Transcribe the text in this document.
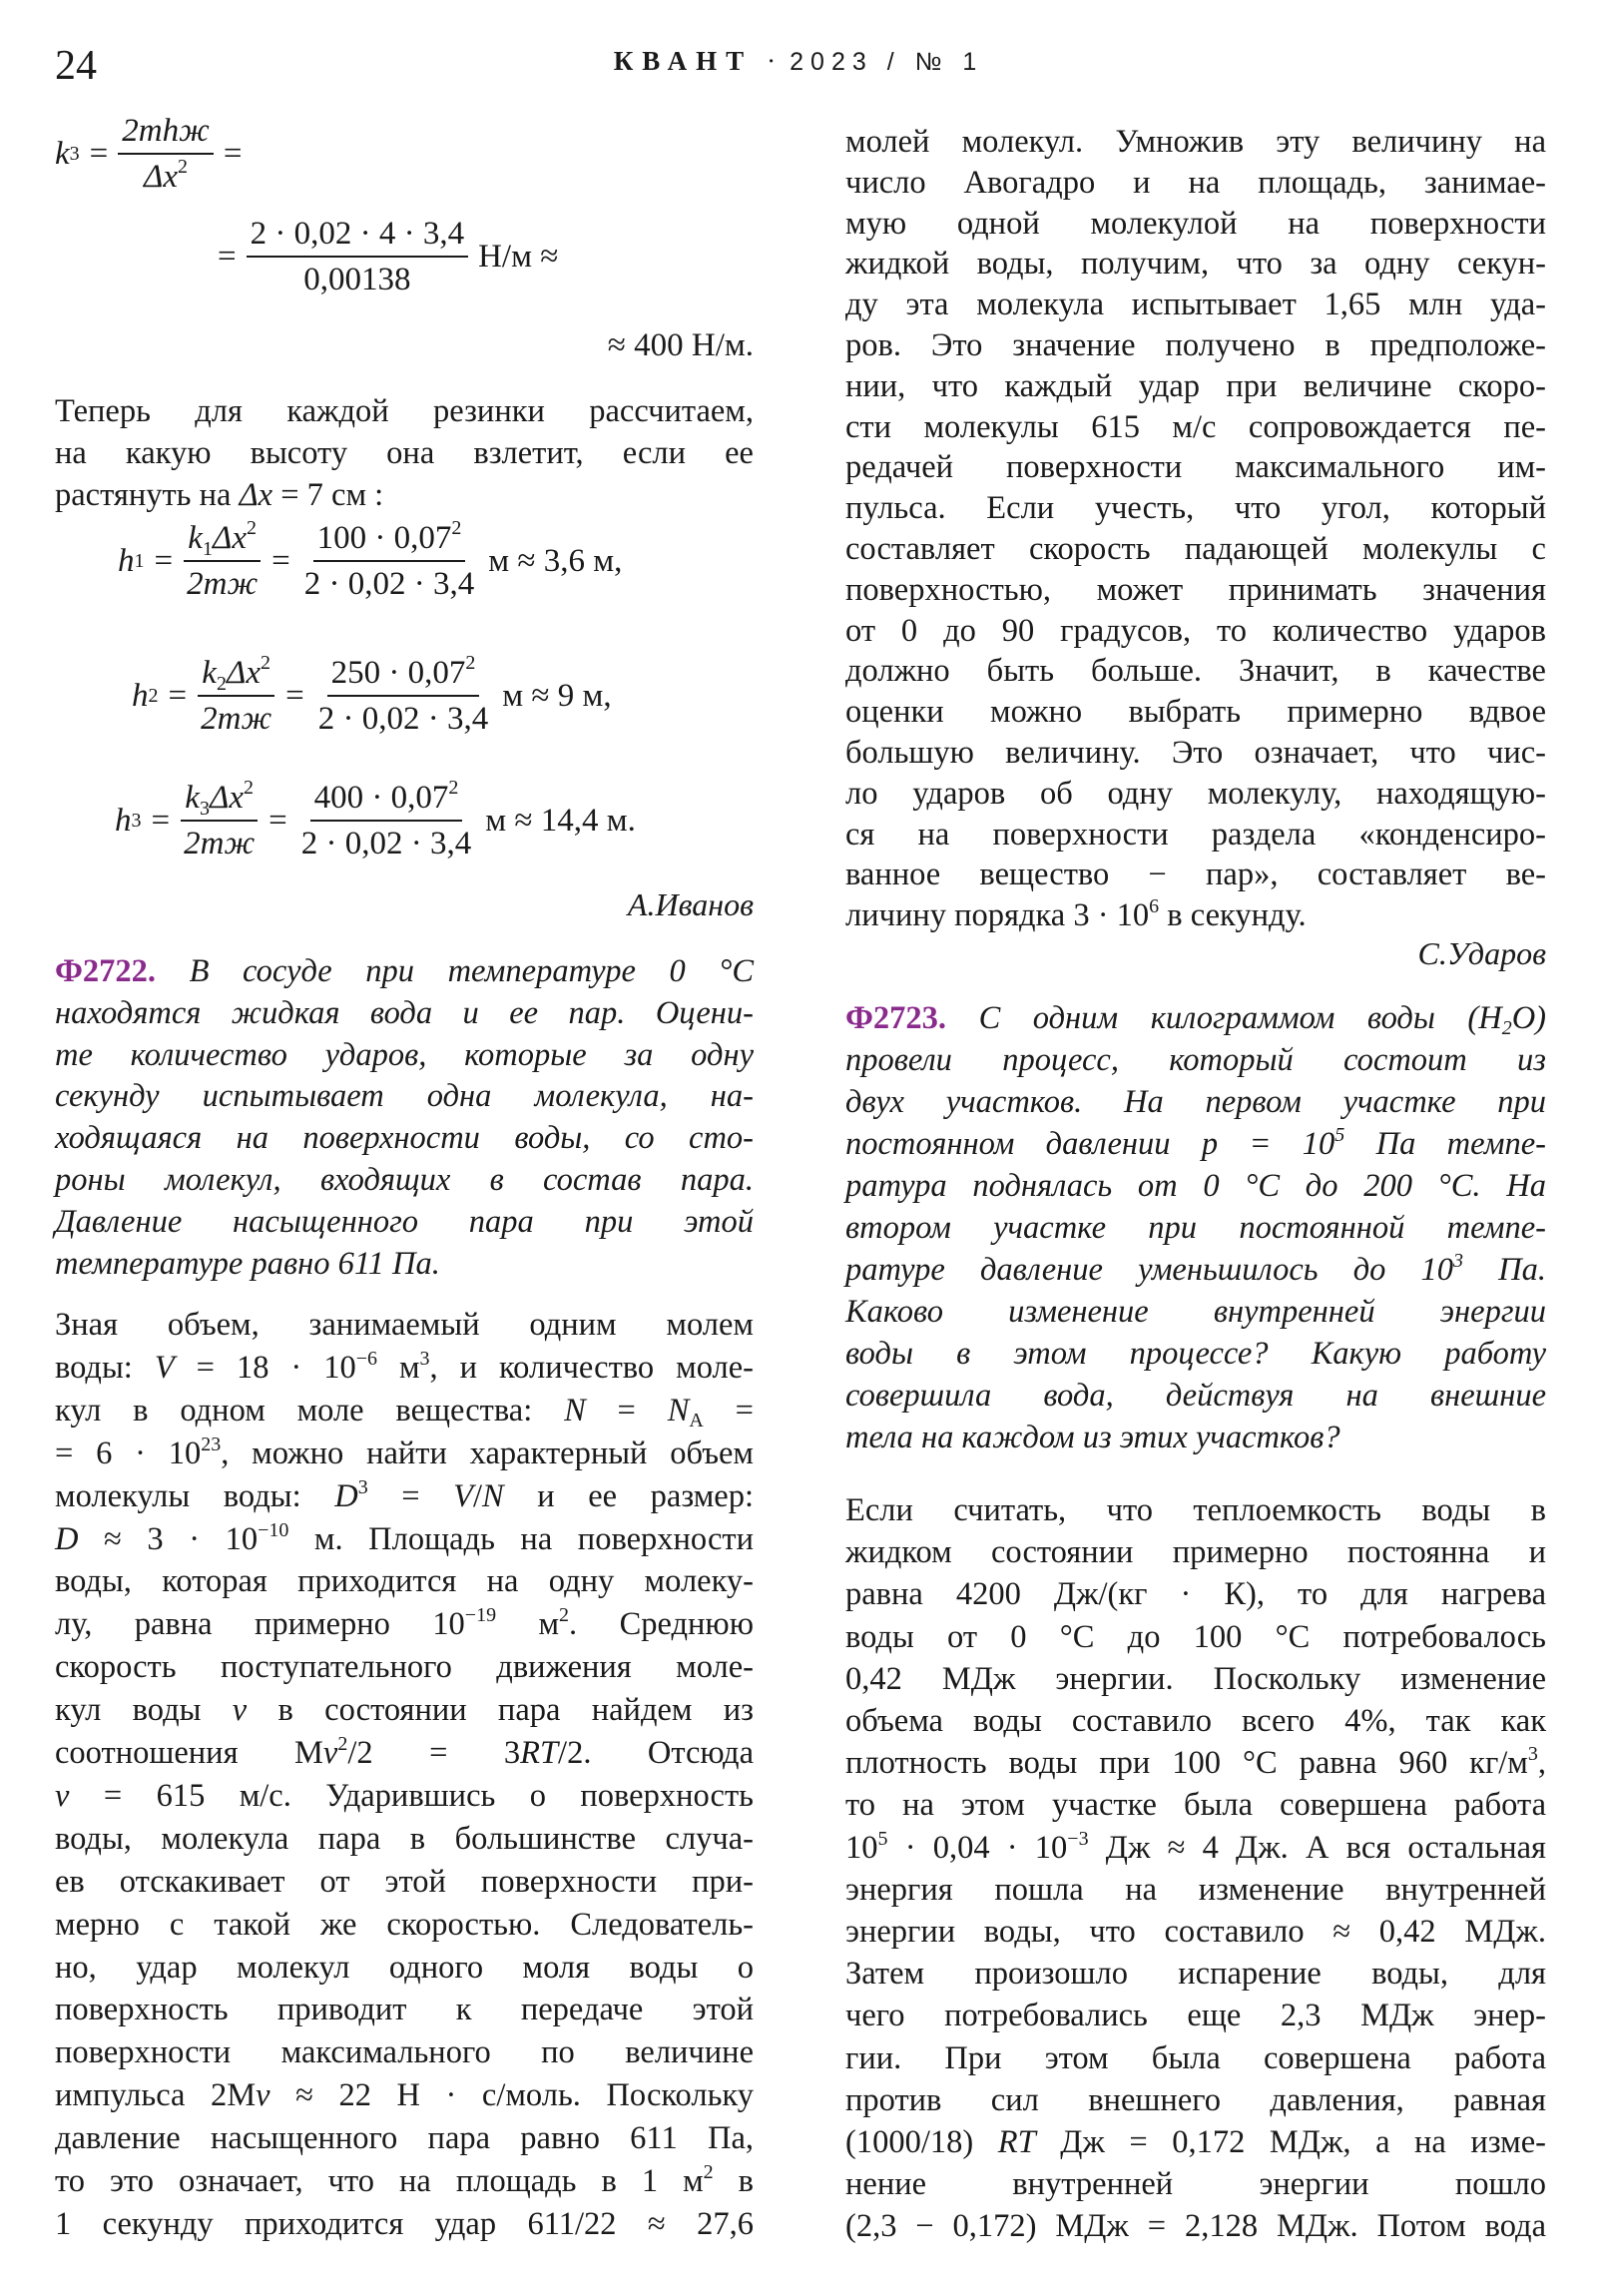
24	КВАНТ · 2023 / № 1
k $3 = \frac{\text{2mhж}}{\Delta x^2}$ =
= $\frac{2 \cdot 0,02 \cdot 4 \cdot 3,4}{0,00138} Н/м$ ≈
≈ 400 Н/м.
Теперь для каждой резинки рассчитаем,
на какую высоту она взлетит, если ее
растянуть на Δx = 7 см :
h $1 = \frac{k_1\Delta x^2}{2mж} = \frac{100 \cdot 0,07^2}{2 \cdot 0,02 \cdot 3,4}$ м ≈ 3,6 м,
h $2 = \frac{k_2\Delta x^2}{2mж} = \frac{250 \cdot 0,07^2}{2 \cdot 0,02 \cdot 3,4}$ м ≈ 9 м,
h $3 = \frac{k_3\Delta x^2}{2mж} = \frac{400 \cdot 0,07^2}{2 \cdot 0,02 \cdot 3,4}$ м ≈ 14,4 м.
А.Иванов
Ф2722. В сосуде при температуре 0 °С
находятся жидкая вода и ее пар. Оцени-
те количество ударов, которые за одну
секунду испытывает одна молекула, на-
ходящаяся на поверхности воды, со сто-
роны молекул, входящих в состав пара.
Давление насыщенного пара при этой
температуре равно 611 Па.
Зная объем, занимаемый одним молем
воды: $V = 18 \cdot 10^{-6}$ $м^3$, и количество моле-
кул в одном моле вещества: $N = N_A$ =
= $6 \cdot 10^{23}$, можно найти характерный объем
молекулы воды: $D^3 = V/N$ и ее размер:
$D \approx 3 \cdot 10^{-10}$ м. Площадь на поверхности
воды, которая приходится на одну молеку-
лу, равна примерно $10^{-19}$ $м^2$. Среднюю
скорость поступательного движения моле-
кул воды v в состоянии пара найдем из
соотношения $Mv^2/2 = 3RT/2$. Отсюда
v = 615 м/с. Ударившись о поверхность
воды, молекула пара в большинстве случа-
ев отскакивает от этой поверхности при-
мерно с такой же скоростью. Следователь-
но, удар молекул одного моля воды о
поверхность приводит к передаче этой
поверхности максимального по величине
импульса 2Mv ≈ 22 Н · с/моль. Поскольку
давление насыщенного пара равно 611 Па,
то это означает, что на площадь в 1 $м^2$ в
1 секунду приходится удар 611/22 ≈ 27,6
молей молекул. Умножив эту величину на
число Авогадро и на площадь, занимае-
мую одной молекулой на поверхности
жидкой воды, получим, что за одну секун-
ду эта молекула испытывает 1,65 млн уда-
ров. Это значение получено в предположе-
нии, что каждый удар при величине скоро-
сти молекулы 615 м/с сопровождается пе-
редачей поверхности максимального им-
пульса. Если учесть, что угол, который
составляет скорость падающей молекулы с
поверхностью, может принимать значения
от 0 до 90 градусов, то количество ударов
должно быть больше. Значит, в качестве
оценки можно выбрать примерно вдвое
большую величину. Это означает, что чис-
ло ударов об одну молекулу, находящую-
ся на поверхности раздела «конденсиро-
ванное вещество − пар», составляет ве-
личину порядка $3 \cdot 10^6$ в секунду.
С.Ударов
Ф2723. С одним килограммом воды $(H_2O)$
провели процесс, который состоит из
двух участков. На первом участке при
постоянном давлении $p = 10^5$ Па темпе-
ратура поднялась от 0 °С до 200 °С. На
втором участке при постоянной темпе-
ратуре давление уменьшилось до $10^3$ Па.
Каково изменение внутренней энергии
воды в этом процессе? Какую работу
совершила вода, действуя на внешние
тела на каждом из этих участков?
Если считать, что теплоемкость воды в
жидком состоянии примерно постоянна и
равна 4200 Дж/(кг · К), то для нагрева
воды от 0 °С до 100 °С потребовалось
0,42 МДж энергии. Поскольку изменение
объема воды составило всего 4%, так как
плотность воды при 100 °С равна 960 $кг/м^3$,
то на этом участке была совершена работа
$10^5 \cdot 0,04 \cdot 10^{-3}$ Дж ≈ 4 Дж. А вся остальная
энергия пошла на изменение внутренней
энергии воды, что составило ≈ 0,42 МДж.
Затем произошло испарение воды, для
чего потребовались еще 2,3 МДж энер-
гии. При этом была совершена работа
против сил внешнего давления, равная
(1000/18) RT Дж = 0,172 МДж, а на изме-
нение внутренней энергии пошло
(2,3 − 0,172) МДж = 2,128 МДж. Потом вода
